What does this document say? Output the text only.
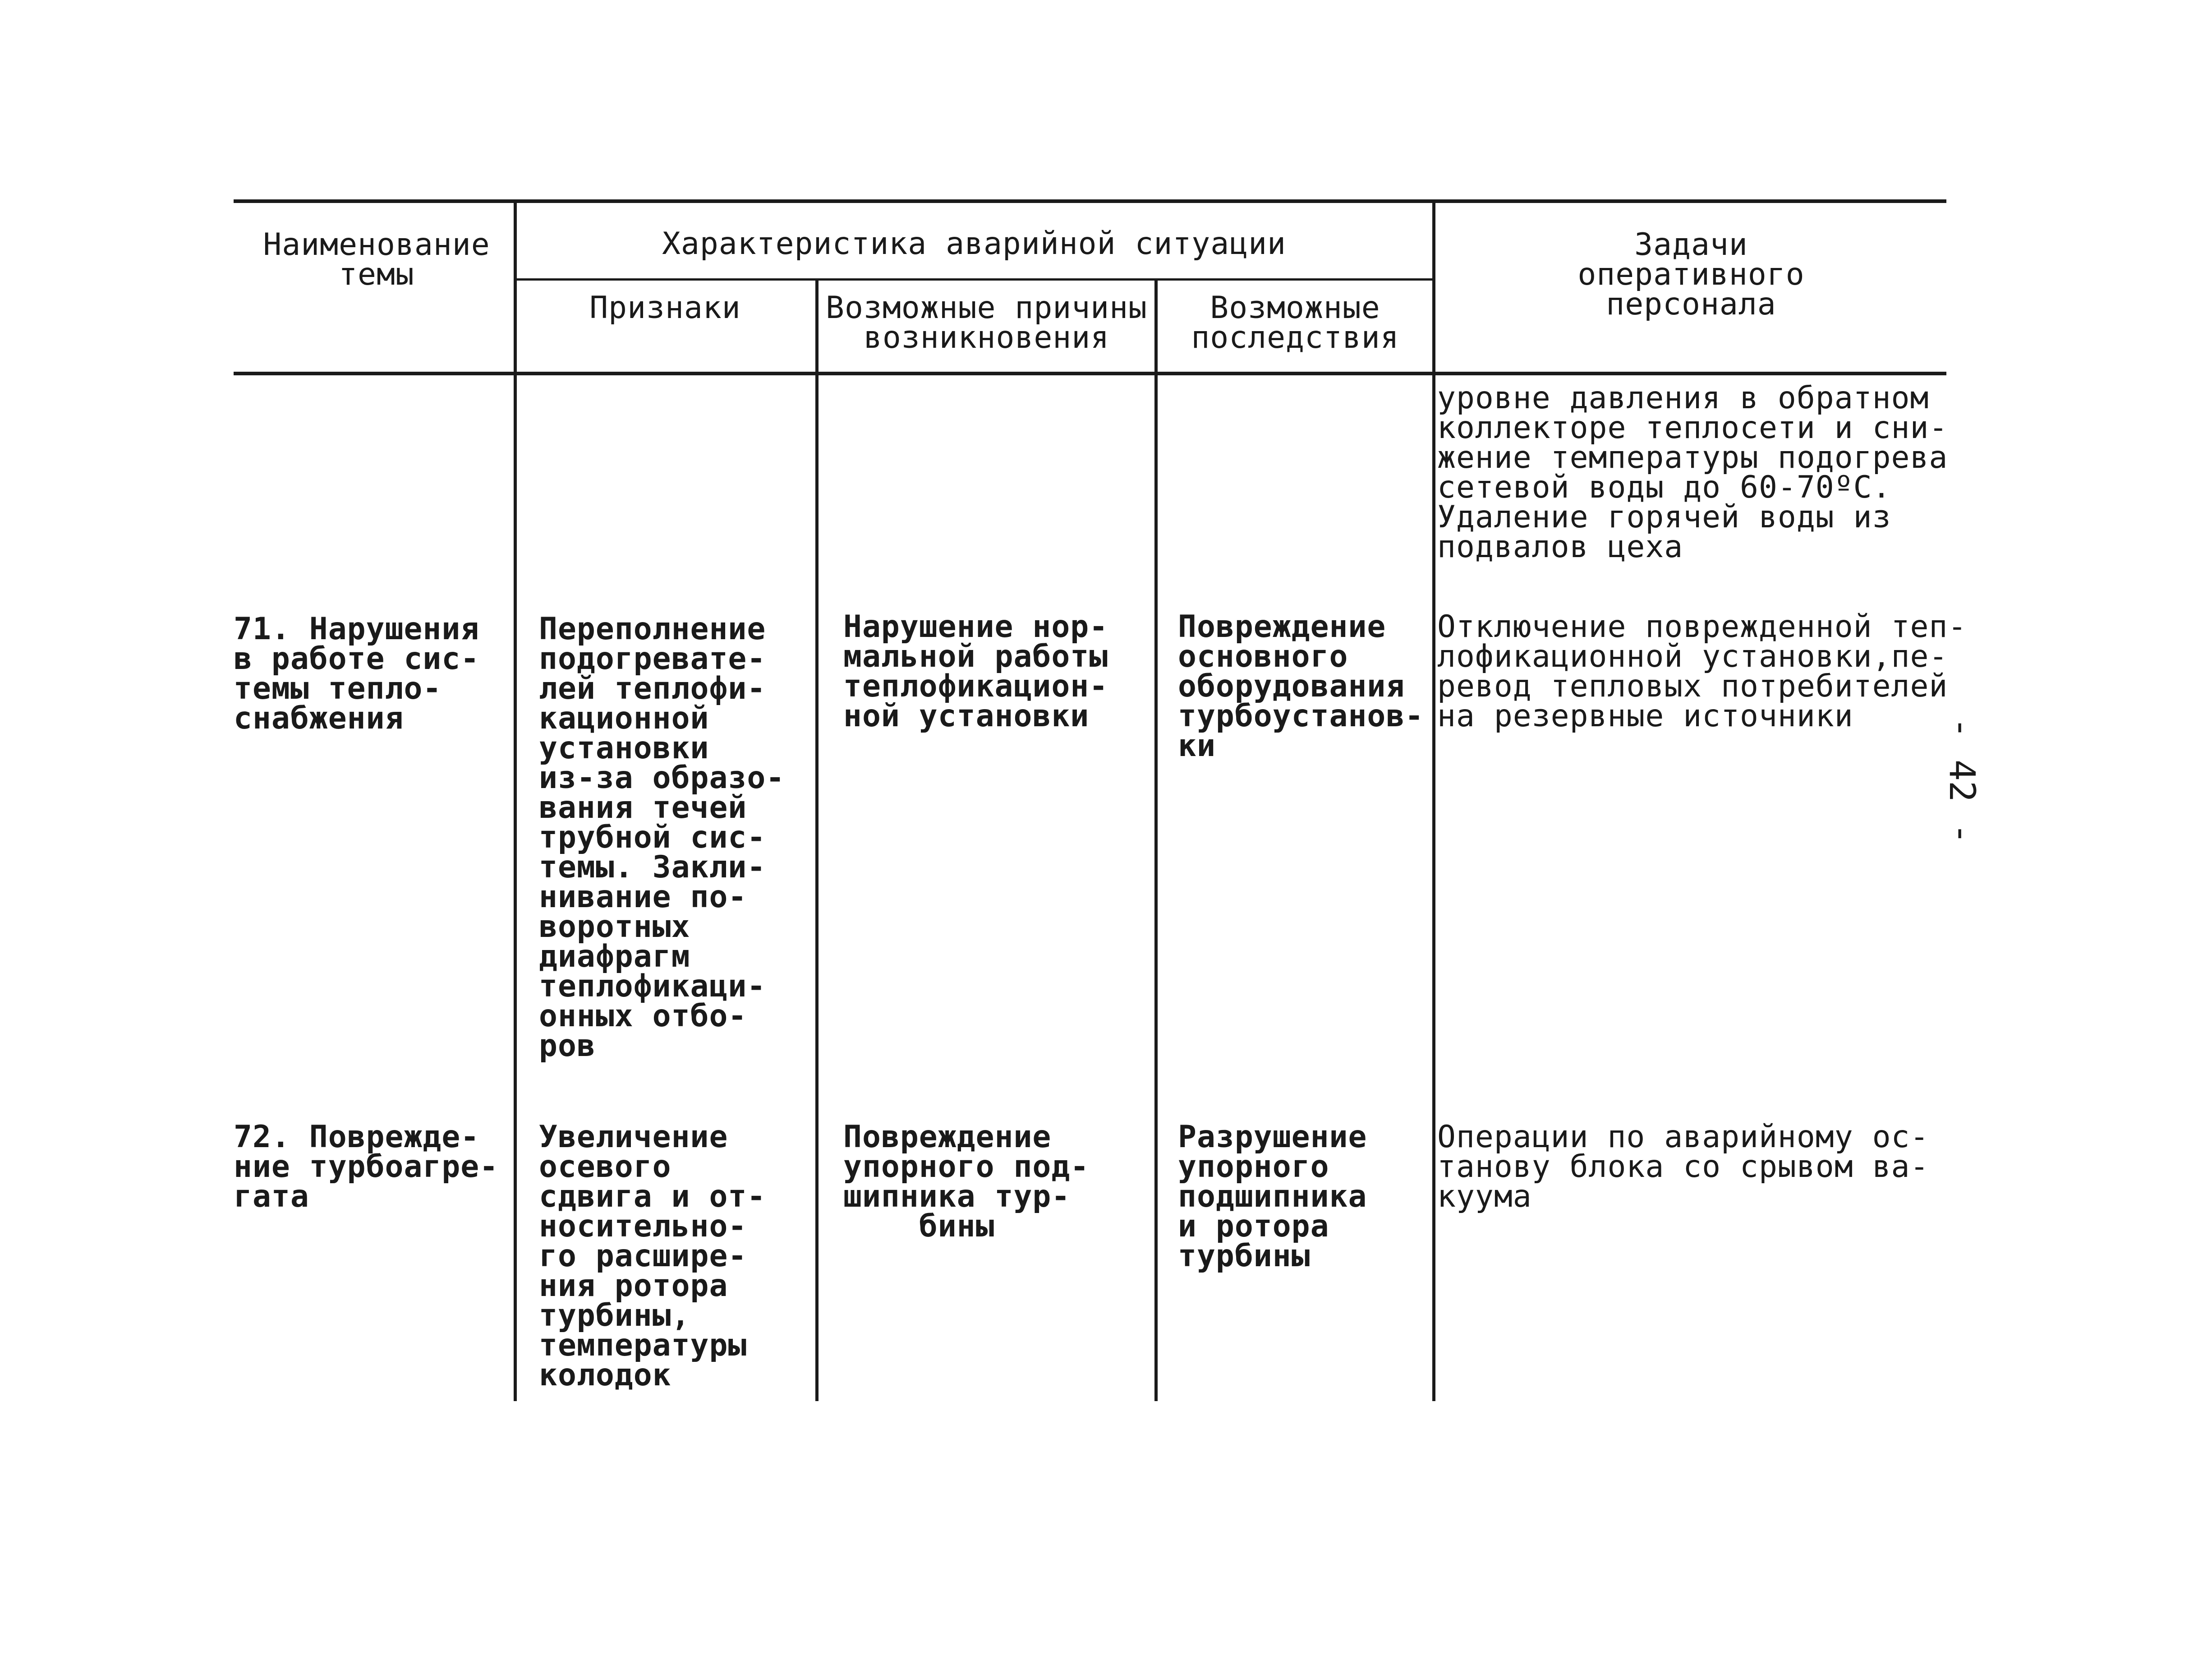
Наименование
темы
Характеристика аварийной ситуации
Признаки	Возможные причины
возникновения
Возможные
последствия
Задачи
оперативного
персонала
уровне давления в обратном
коллекторе теплосети и сни-
жение температуры подогрева
сетевой воды до 60-70ºС.
Удаление горячей воды из
подвалов цеха
71. Нарушения
в работе сис-
темы тепло-
снабжения
Переполнение
подогревате-
лей теплофи-
кационной
установки
из-за образо-
вания течей
трубной сис-
темы. Закли-
нивание по-
воротных
диафрагм
теплофикаци-
онных отбо-
ров
Нарушение нор-
мальной работы
теплофикацион-
ной установки
Повреждение
основного
оборудования
турбоустанов-
ки
Отключение поврежденной теп-
лофикационной установки,пе-
ревод тепловых потребителей
на резервные источники
72. Поврежде-
ние турбоагре-
гата
Увеличение
осевого
сдвига и от-
носительно-
го расшире-
ния ротора
турбины,
температуры
колодок
Повреждение
упорного под-
шипника тур-
бины
Разрушение
упорного
подшипника
и ротора
турбины
Операции по аварийному ос-
танову блока со срывом ва-
куума
- 42 -
